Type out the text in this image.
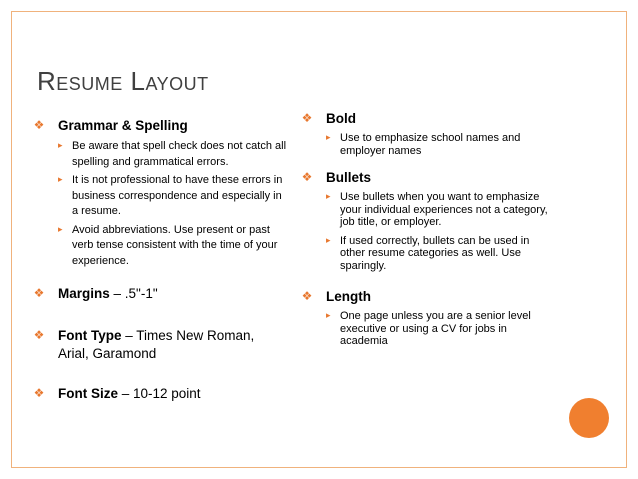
Resume Layout
❖ Grammar & Spelling
▸ Be aware that spell check does not catch all spelling and grammatical errors.
▸ It is not professional to have these errors in business correspondence and especially in a resume.
▸ Avoid abbreviations. Use present or past verb tense consistent with the time of your experience.
❖ Margins – .5"-1"
❖ Font Type – Times New Roman, Arial, Garamond
❖ Font Size – 10-12 point
❖ Bold
▸ Use to emphasize school names and employer names
❖ Bullets
▸ Use bullets when you want to emphasize your individual experiences not a category, job title, or employer.
▸ If used correctly, bullets can be used in other resume categories as well. Use sparingly.
❖ Length
▸ One page unless you are a senior level executive or using a CV for jobs in academia
